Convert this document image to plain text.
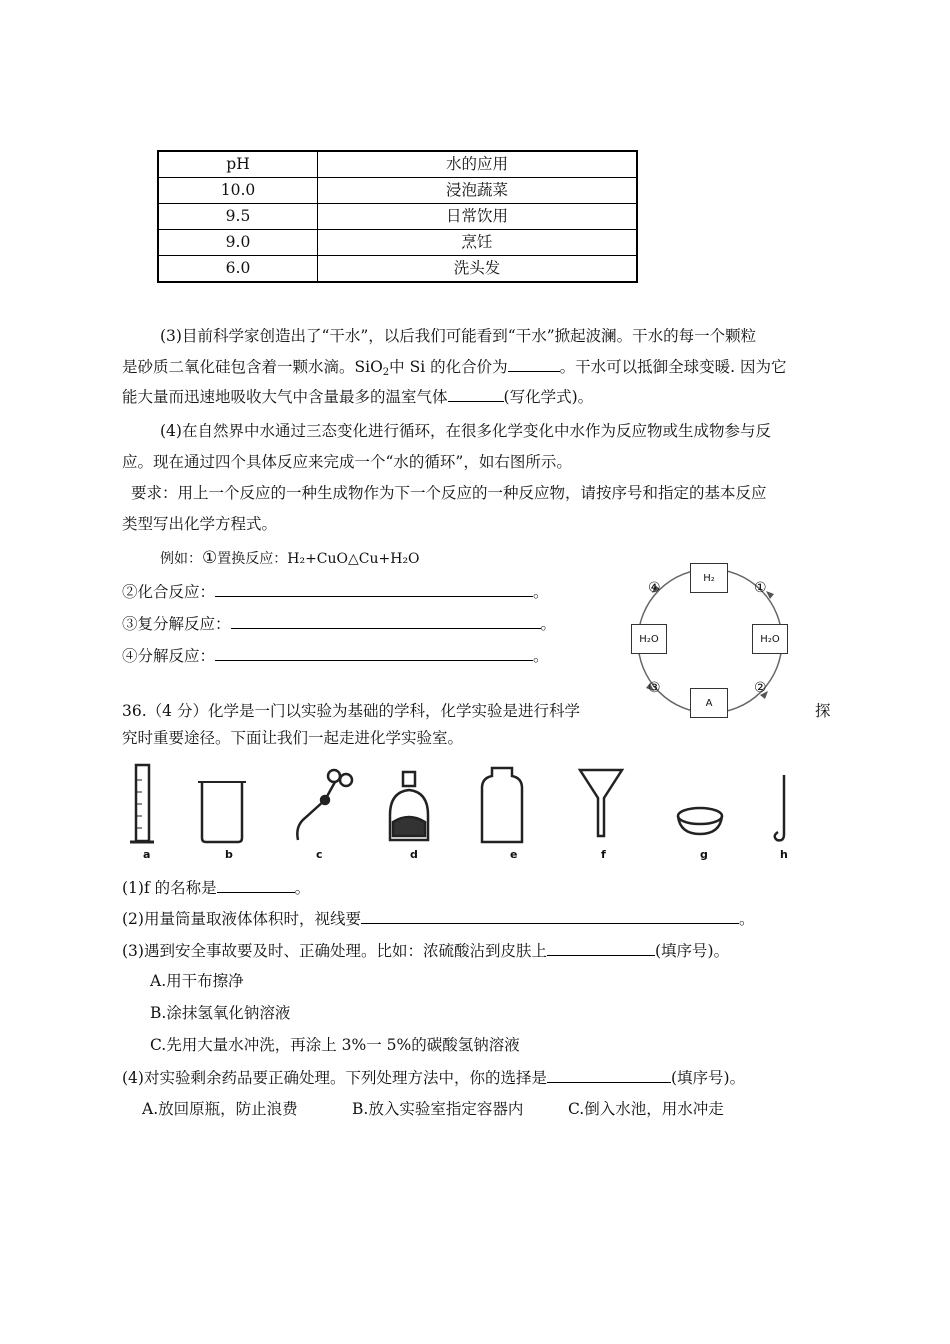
pH	水的应用
10.0	浸泡蔬菜
9.5	日常饮用
9.0	烹饪
6.0	洗头发
(3)目前科学家创造出了“干水”，以后我们可能看到“干水”掀起波澜。干水的每一个颗粒
是砂质二氧化硅包含着一颗水滴。SiO$_2$中 Si 的化合价为	。干水可以抵御全球变暖. 因为它
能大量而迅速地吸收大气中含量最多的温室气体	(写化学式)。
(4)在自然界中水通过三态变化进行循环，在很多化学变化中水作为反应物或生成物参与反
应。现在通过四个具体反应来完成一个“水的循环”，如右图所示。
要求：用上一个反应的一种生成物作为下一个反应的一种反应物，请按序号和指定的基本反应
类型写出化学方程式。
例如：①置换反应：H₂+CuO△Cu+H₂O
②化合反应：	。
③复分解反应：	。
④分解反应：	。
H₂
H₂O	H₂O
A
④	①
②
③
36.（4 分）化学是一门以实验为基础的学科，化学实验是进行科学	探
究时重要途径。下面让我们一起走进化学实验室。
a	b	c	d	e	f	g	h
(1)f 的名称是	。
(2)用量筒量取液体体积时，视线要	。
(3)遇到安全事故要及时、正确处理。比如：浓硫酸沾到皮肤上	(填序号)。
A.用干布擦净
B.涂抹氢氧化钠溶液
C.先用大量水冲洗，再涂上 3%一 5%的碳酸氢钠溶液
(4)对实验剩余药品要正确处理。下列处理方法中，你的选择是	(填序号)。
A.放回原瓶，防止浪费	B.放入实验室指定容器内	C.倒入水池，用水冲走
